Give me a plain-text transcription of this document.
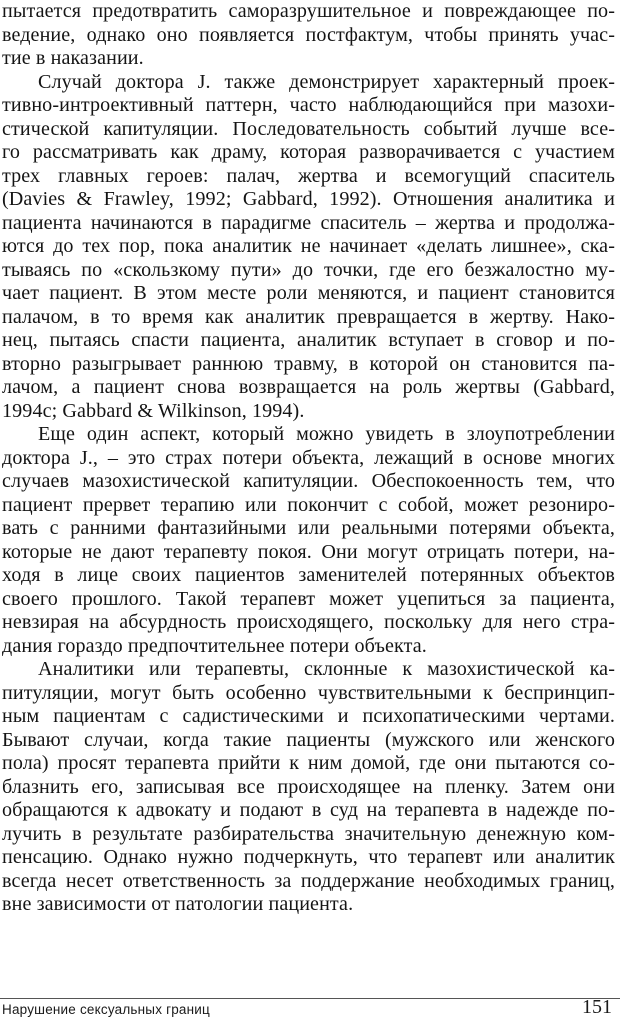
пытается предотвратить саморазрушительное и повреждающее по-
ведение, однако оно появляется постфактум, чтобы принять учас-
тие в наказании.
Случай доктора J. также демонстрирует характерный проек-
тивно-интроективный паттерн, часто наблюдающийся при мазохи-
стической капитуляции. Последовательность событий лучше все-
го рассматривать как драму, которая разворачивается с участием
трех главных героев: палач, жертва и всемогущий спаситель
(Davies & Frawley, 1992; Gabbard, 1992). Отношения аналитика и
пациента начинаются в парадигме спаситель – жертва и продолжа-
ются до тех пор, пока аналитик не начинает «делать лишнее», ска-
тываясь по «скользкому пути» до точки, где его безжалостно му-
чает пациент. В этом месте роли меняются, и пациент становится
палачом, в то время как аналитик превращается в жертву. Нако-
нец, пытаясь спасти пациента, аналитик вступает в сговор и по-
вторно разыгрывает раннюю травму, в которой он становится па-
лачом, а пациент снова возвращается на роль жертвы (Gabbard,
1994c; Gabbard & Wilkinson, 1994).
Еще один аспект, который можно увидеть в злоупотреблении
доктора J., – это страх потери объекта, лежащий в основе многих
случаев мазохистической капитуляции. Обеспокоенность тем, что
пациент прервет терапию или покончит с собой, может резониро-
вать с ранними фантазийными или реальными потерями объекта,
которые не дают терапевту покоя. Они могут отрицать потери, на-
ходя в лице своих пациентов заменителей потерянных объектов
своего прошлого. Такой терапевт может уцепиться за пациента,
невзирая на абсурдность происходящего, поскольку для него стра-
дания гораздо предпочтительнее потери объекта.
Аналитики или терапевты, склонные к мазохистической ка-
питуляции, могут быть особенно чувствительными к беспринцип-
ным пациентам с садистическими и психопатическими чертами.
Бывают случаи, когда такие пациенты (мужского или женского
пола) просят терапевта прийти к ним домой, где они пытаются со-
блазнить его, записывая все происходящее на пленку. Затем они
обращаются к адвокату и подают в суд на терапевта в надежде по-
лучить в результате разбирательства значительную денежную ком-
пенсацию. Однако нужно подчеркнуть, что терапевт или аналитик
всегда несет ответственность за поддержание необходимых границ,
вне зависимости от патологии пациента.
Нарушение сексуальных границ	151
